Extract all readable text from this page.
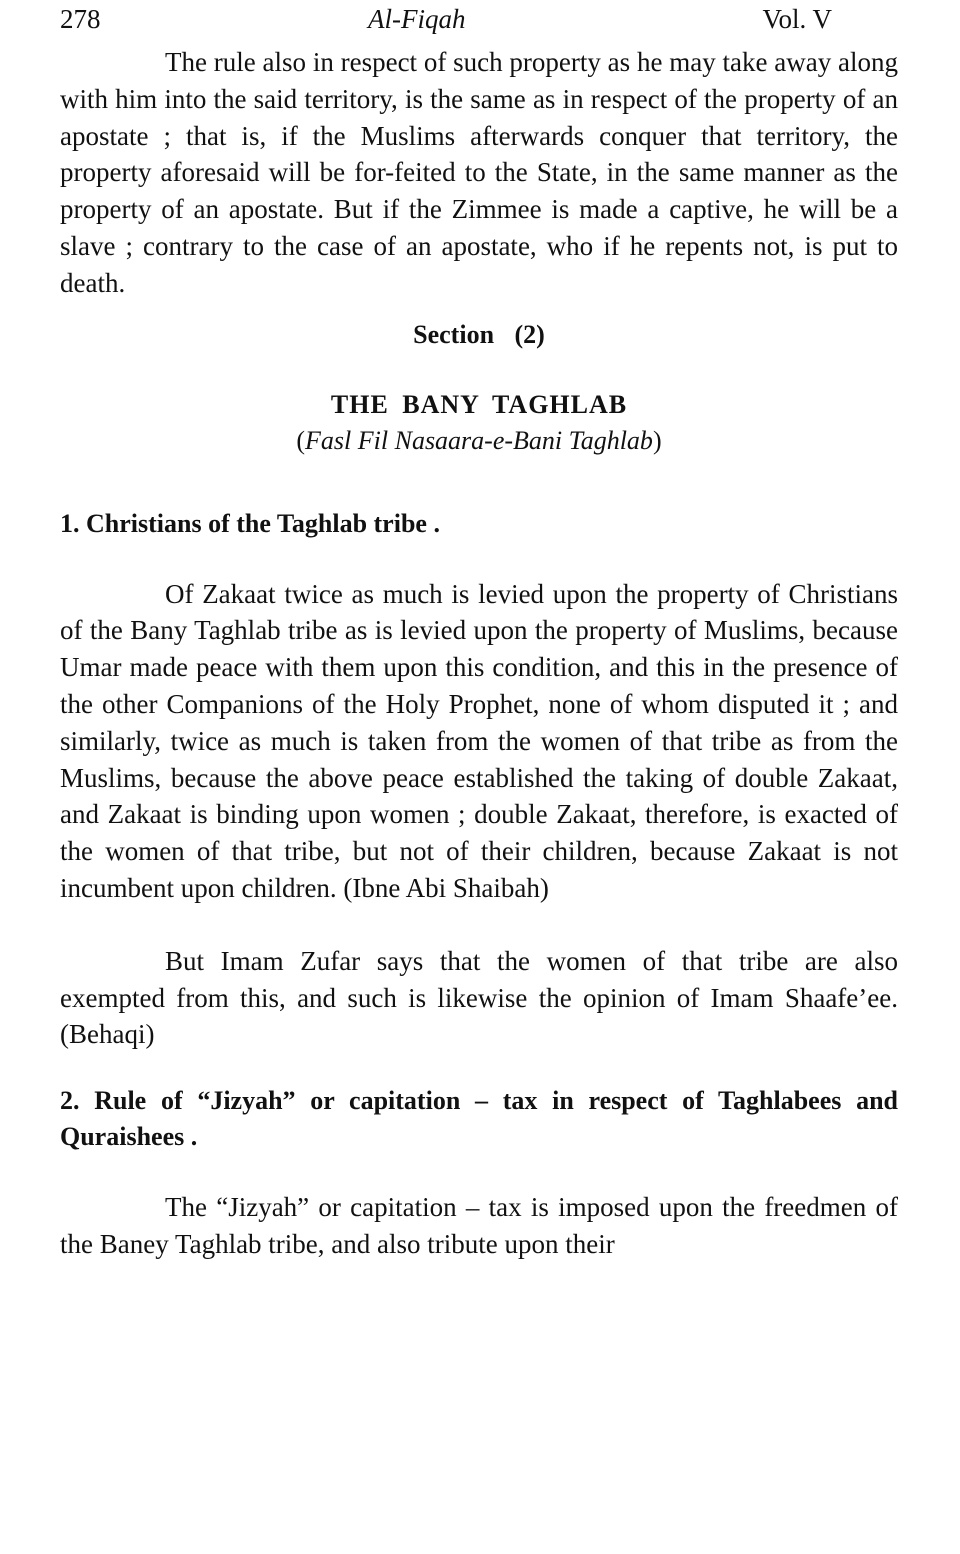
278	Al-Fiqah	Vol. V

The rule also in respect of such property as he may take away along with him into the said territory, is the same as in respect of the property of an apostate ; that is, if the Muslims afterwards conquer that territory, the property aforesaid will be for-feited to the State, in the same manner as the property of an apostate. But if the Zimmee is made a captive, he will be a slave ; contrary to the case of an apostate, who if he repents not, is put to death.

Section (2)
THE BANY TAGHLAB
(Fasl Fil Nasaara-e-Bani Taghlab)
1. Christians of the Taghlab tribe .

Of Zakaat twice as much is levied upon the property of Christians of the Bany Taghlab tribe as is levied upon the property of Muslims, because Umar made peace with them upon this condition, and this in the presence of the other Companions of the Holy Prophet, none of whom disputed it ; and similarly, twice as much is taken from the women of that tribe as from the Muslims, because the above peace established the taking of double Zakaat, and Zakaat is binding upon women ; double Zakaat, therefore, is exacted of the women of that tribe, but not of their children, because Zakaat is not incumbent upon children. (Ibne Abi Shaibah)

But Imam Zufar says that the women of that tribe are also exempted from this, and such is likewise the opinion of Imam Shaafe’ee. (Behaqi)

2. Rule of “Jizyah” or capitation – tax in respect of Taghlabees and Quraishees .

The “Jizyah” or capitation – tax is imposed upon the freedmen of the Baney Taghlab tribe, and also tribute upon their
